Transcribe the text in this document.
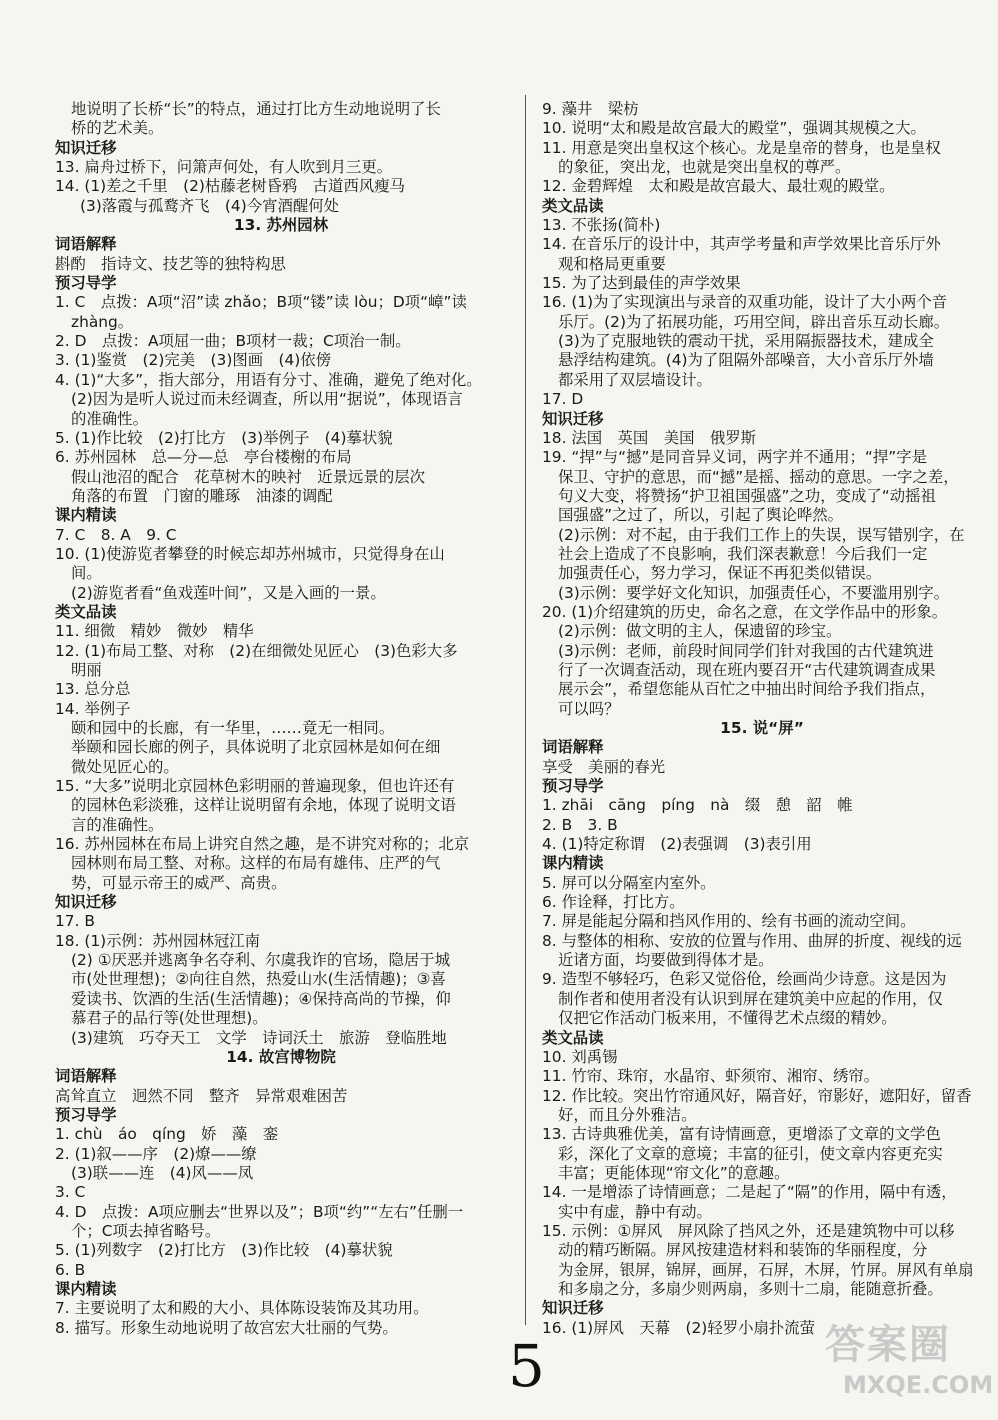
地说明了长桥“长”的特点，通过打比方生动地说明了长
桥的艺术美。
知识迁移
13. 扁舟过桥下，问箫声何处，有人吹到月三更。
14. (1)差之千里　(2)枯藤老树昏鸦　古道西风瘦马
(3)落霞与孤鹜齐飞　(4)今宵酒醒何处
13. 苏州园林
词语解释
斟酌　指诗文、技艺等的独特构思
预习导学
1. C　点拨：A项“沼”读 zhǎo；B项“镂”读 lòu；D项“嶂”读
zhàng。
2. D　点拨：A项屈一曲；B项材一裁；C项治一制。
3. (1)鉴赏　(2)完美　(3)图画　(4)依傍
4. (1)“大多”，指大部分，用语有分寸、准确，避免了绝对化。
(2)因为是听人说过而未经调查，所以用“据说”，体现语言
的准确性。
5. (1)作比较　(2)打比方　(3)举例子　(4)摹状貌
6. 苏州园林　总—分—总　亭台楼榭的布局
假山池沼的配合　花草树木的映衬　近景远景的层次
角落的布置　门窗的雕琢　油漆的调配
课内精读
7. C　8. A　9. C
10. (1)使游览者攀登的时候忘却苏州城市，只觉得身在山
间。
(2)游览者看“鱼戏莲叶间”，又是入画的一景。
类文品读
11. 细微　精妙　微妙　精华
12. (1)布局工整、对称　(2)在细微处见匠心　(3)色彩大多
明丽
13. 总分总
14. 举例子
颐和园中的长廊，有一华里，……竟无一相同。
举颐和园长廊的例子，具体说明了北京园林是如何在细
微处见匠心的。
15. “大多”说明北京园林色彩明丽的普遍现象，但也许还有
的园林色彩淡雅，这样让说明留有余地，体现了说明文语
言的准确性。
16. 苏州园林在布局上讲究自然之趣，是不讲究对称的；北京
园林则布局工整、对称。这样的布局有雄伟、庄严的气
势，可显示帝王的威严、高贵。
知识迁移
17. B
18. (1)示例：苏州园林冠江南
(2) ①厌恶并逃离争名夺利、尔虞我诈的官场，隐居于城
市(处世理想)；②向往自然，热爱山水(生活情趣)；③喜
爱读书、饮酒的生活(生活情趣)；④保持高尚的节操，仰
慕君子的品行等(处世理想)。
(3)建筑　巧夺天工　文学　诗词沃土　旅游　登临胜地
14. 故宫博物院
词语解释
高耸直立　迥然不同　整齐　异常艰难困苦
预习导学
1. chù　áo　qíng　娇　藻　銮
2. (1)叙——序　(2)燎——缭
(3)联——连　(4)风——凤
3. C
4. D　点拨：A项应删去“世界以及”；B项“约”“左右”任删一
个；C项去掉省略号。
5. (1)列数字　(2)打比方　(3)作比较　(4)摹状貌
6. B
课内精读
7. 主要说明了太和殿的大小、具体陈设装饰及其功用。
8. 描写。形象生动地说明了故宫宏大壮丽的气势。
9. 藻井　梁枋
10. 说明“太和殿是故宫最大的殿堂”，强调其规模之大。
11. 用意是突出皇权这个核心。龙是皇帝的替身，也是皇权
的象征，突出龙，也就是突出皇权的尊严。
12. 金碧辉煌　太和殿是故宫最大、最壮观的殿堂。
类文品读
13. 不张扬(简朴)
14. 在音乐厅的设计中，其声学考量和声学效果比音乐厅外
观和格局更重要
15. 为了达到最佳的声学效果
16. (1)为了实现演出与录音的双重功能，设计了大小两个音
乐厅。(2)为了拓展功能，巧用空间，辟出音乐互动长廊。
(3)为了克服地铁的震动干扰，采用隔振器技术，建成全
悬浮结构建筑。(4)为了阻隔外部噪音，大小音乐厅外墙
都采用了双层墙设计。
17. D
知识迁移
18. 法国　英国　美国　俄罗斯
19. “捍”与“撼”是同音异义词，两字并不通用；“捍”字是
保卫、守护的意思，而“撼”是摇、摇动的意思。一字之差，
句义大变，将赞扬“护卫祖国强盛”之功，变成了“动摇祖
国强盛”之过了，所以，引起了舆论哗然。
(2)示例：对不起，由于我们工作上的失误，误写错别字，在
社会上造成了不良影响，我们深表歉意！今后我们一定
加强责任心，努力学习，保证不再犯类似错误。
(3)示例：要学好文化知识，加强责任心，不要滥用别字。
20. (1)介绍建筑的历史，命名之意，在文学作品中的形象。
(2)示例：做文明的主人，保遗留的珍宝。
(3)示例：老师，前段时间同学们针对我国的古代建筑进
行了一次调查活动，现在班内要召开“古代建筑调查成果
展示会”，希望您能从百忙之中抽出时间给予我们指点，
可以吗？
15. 说“屏”
词语解释
享受　美丽的春光
预习导学
1. zhāi　cāng　píng　nà　缀　憩　韶　帷
2. B　3. B
4. (1)特定称谓　(2)表强调　(3)表引用
课内精读
5. 屏可以分隔室内室外。
6. 作诠释，打比方。
7. 屏是能起分隔和挡风作用的、绘有书画的流动空间。
8. 与整体的相称、安放的位置与作用、曲屏的折度、视线的远
近诸方面，均要做到得体才是。
9. 造型不够轻巧，色彩又觉俗伧，绘画尚少诗意。这是因为
制作者和使用者没有认识到屏在建筑美中应起的作用，仅
仅把它作活动门板来用，不懂得艺术点缀的精妙。
类文品读
10. 刘禹锡
11. 竹帘、珠帘，水晶帘、虾须帘、湘帘、绣帘。
12. 作比较。突出竹帘通风好，隔音好，帘影好，遮阳好，留香
好，而且分外雅洁。
13. 古诗典雅优美，富有诗情画意，更增添了文章的文学色
彩，深化了文章的意境；丰富的征引，使文章内容更充实
丰富；更能体现“帘文化”的意趣。
14. 一是增添了诗情画意；二是起了“隔”的作用，隔中有透，
实中有虚，静中有动。
15. 示例：①屏风　屏风除了挡风之外，还是建筑物中可以移
动的精巧断隔。屏风按建造材料和装饰的华丽程度，分
为金屏，银屏，锦屏，画屏，石屏，木屏，竹屏。屏风有单扇
和多扇之分，多扇少则两扇，多则十二扇，能随意折叠。
知识迁移
16. (1)屏风　天幕　(2)轻罗小扇扑流萤
5	答案圈
MXQE.COM
